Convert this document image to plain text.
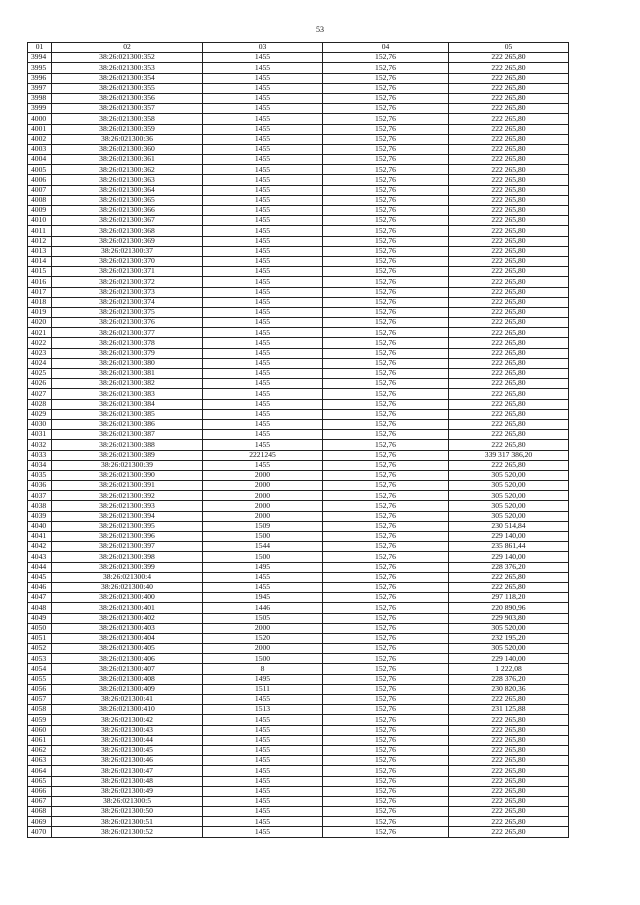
53
01	02	03	04	05
3994	38:26:021300:352	1455	152,76	222 265,80
3995	38:26:021300:353	1455	152,76	222 265,80
3996	38:26:021300:354	1455	152,76	222 265,80
3997	38:26:021300:355	1455	152,76	222 265,80
3998	38:26:021300:356	1455	152,76	222 265,80
3999	38:26:021300:357	1455	152,76	222 265,80
4000	38:26:021300:358	1455	152,76	222 265,80
4001	38:26:021300:359	1455	152,76	222 265,80
4002	38:26:021300:36	1455	152,76	222 265,80
4003	38:26:021300:360	1455	152,76	222 265,80
4004	38:26:021300:361	1455	152,76	222 265,80
4005	38:26:021300:362	1455	152,76	222 265,80
4006	38:26:021300:363	1455	152,76	222 265,80
4007	38:26:021300:364	1455	152,76	222 265,80
4008	38:26:021300:365	1455	152,76	222 265,80
4009	38:26:021300:366	1455	152,76	222 265,80
4010	38:26:021300:367	1455	152,76	222 265,80
4011	38:26:021300:368	1455	152,76	222 265,80
4012	38:26:021300:369	1455	152,76	222 265,80
4013	38:26:021300:37	1455	152,76	222 265,80
4014	38:26:021300:370	1455	152,76	222 265,80
4015	38:26:021300:371	1455	152,76	222 265,80
4016	38:26:021300:372	1455	152,76	222 265,80
4017	38:26:021300:373	1455	152,76	222 265,80
4018	38:26:021300:374	1455	152,76	222 265,80
4019	38:26:021300:375	1455	152,76	222 265,80
4020	38:26:021300:376	1455	152,76	222 265,80
4021	38:26:021300:377	1455	152,76	222 265,80
4022	38:26:021300:378	1455	152,76	222 265,80
4023	38:26:021300:379	1455	152,76	222 265,80
4024	38:26:021300:380	1455	152,76	222 265,80
4025	38:26:021300:381	1455	152,76	222 265,80
4026	38:26:021300:382	1455	152,76	222 265,80
4027	38:26:021300:383	1455	152,76	222 265,80
4028	38:26:021300:384	1455	152,76	222 265,80
4029	38:26:021300:385	1455	152,76	222 265,80
4030	38:26:021300:386	1455	152,76	222 265,80
4031	38:26:021300:387	1455	152,76	222 265,80
4032	38:26:021300:388	1455	152,76	222 265,80
4033	38:26:021300:389	2221245	152,76	339 317 386,20
4034	38:26:021300:39	1455	152,76	222 265,80
4035	38:26:021300:390	2000	152,76	305 520,00
4036	38:26:021300:391	2000	152,76	305 520,00
4037	38:26:021300:392	2000	152,76	305 520,00
4038	38:26:021300:393	2000	152,76	305 520,00
4039	38:26:021300:394	2000	152,76	305 520,00
4040	38:26:021300:395	1509	152,76	230 514,84
4041	38:26:021300:396	1500	152,76	229 140,00
4042	38:26:021300:397	1544	152,76	235 861,44
4043	38:26:021300:398	1500	152,76	229 140,00
4044	38:26:021300:399	1495	152,76	228 376,20
4045	38:26:021300:4	1455	152,76	222 265,80
4046	38:26:021300:40	1455	152,76	222 265,80
4047	38:26:021300:400	1945	152,76	297 118,20
4048	38:26:021300:401	1446	152,76	220 890,96
4049	38:26:021300:402	1505	152,76	229 903,80
4050	38:26:021300:403	2000	152,76	305 520,00
4051	38:26:021300:404	1520	152,76	232 195,20
4052	38:26:021300:405	2000	152,76	305 520,00
4053	38:26:021300:406	1500	152,76	229 140,00
4054	38:26:021300:407	8	152,76	1 222,08
4055	38:26:021300:408	1495	152,76	228 376,20
4056	38:26:021300:409	1511	152,76	230 820,36
4057	38:26:021300:41	1455	152,76	222 265,80
4058	38:26:021300:410	1513	152,76	231 125,88
4059	38:26:021300:42	1455	152,76	222 265,80
4060	38:26:021300:43	1455	152,76	222 265,80
4061	38:26:021300:44	1455	152,76	222 265,80
4062	38:26:021300:45	1455	152,76	222 265,80
4063	38:26:021300:46	1455	152,76	222 265,80
4064	38:26:021300:47	1455	152,76	222 265,80
4065	38:26:021300:48	1455	152,76	222 265,80
4066	38:26:021300:49	1455	152,76	222 265,80
4067	38:26:021300:5	1455	152,76	222 265,80
4068	38:26:021300:50	1455	152,76	222 265,80
4069	38:26:021300:51	1455	152,76	222 265,80
4070	38:26:021300:52	1455	152,76	222 265,80
